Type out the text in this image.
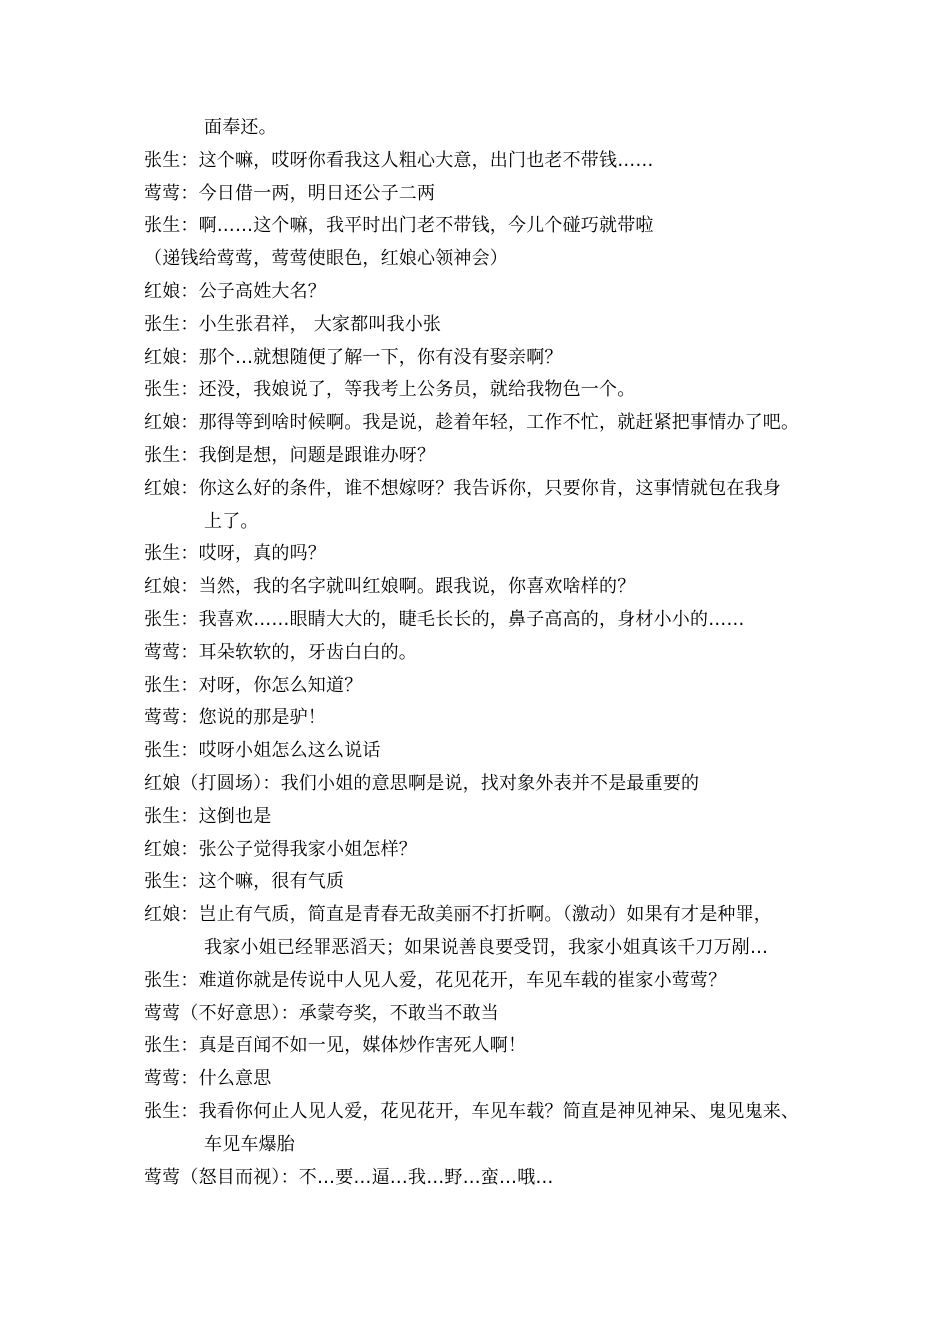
面奉还。
张生：这个嘛，哎呀你看我这人粗心大意，出门也老不带钱……
莺莺：今日借一两，明日还公子二两
张生：啊……这个嘛，我平时出门老不带钱，今儿个碰巧就带啦
（递钱给莺莺，莺莺使眼色，红娘心领神会）
红娘：公子高姓大名？
张生：小生张君祥， 大家都叫我小张
红娘：那个…就想随便了解一下，你有没有娶亲啊？
张生：还没，我娘说了，等我考上公务员，就给我物色一个。
红娘：那得等到啥时候啊。我是说，趁着年轻，工作不忙，就赶紧把事情办了吧。
张生：我倒是想，问题是跟谁办呀？
红娘：你这么好的条件，谁不想嫁呀？我告诉你，只要你肯，这事情就包在我身
上了。
张生：哎呀，真的吗？
红娘：当然，我的名字就叫红娘啊。跟我说，你喜欢啥样的？
张生：我喜欢……眼睛大大的，睫毛长长的，鼻子高高的，身材小小的……
莺莺：耳朵软软的，牙齿白白的。
张生：对呀，你怎么知道？
莺莺：您说的那是驴！
张生：哎呀小姐怎么这么说话
红娘（打圆场）：我们小姐的意思啊是说，找对象外表并不是最重要的
张生：这倒也是
红娘：张公子觉得我家小姐怎样？
张生：这个嘛，很有气质
红娘：岂止有气质，简直是青春无敌美丽不打折啊。（激动）如果有才是种罪，
我家小姐已经罪恶滔天；如果说善良要受罚，我家小姐真该千刀万剐…
张生：难道你就是传说中人见人爱，花见花开，车见车载的崔家小莺莺？
莺莺（不好意思）：承蒙夸奖，不敢当不敢当
张生：真是百闻不如一见，媒体炒作害死人啊！
莺莺：什么意思
张生：我看你何止人见人爱，花见花开，车见车载？简直是神见神呆、鬼见鬼来、
车见车爆胎
莺莺（怒目而视）：不…要…逼…我…野…蛮…哦…
